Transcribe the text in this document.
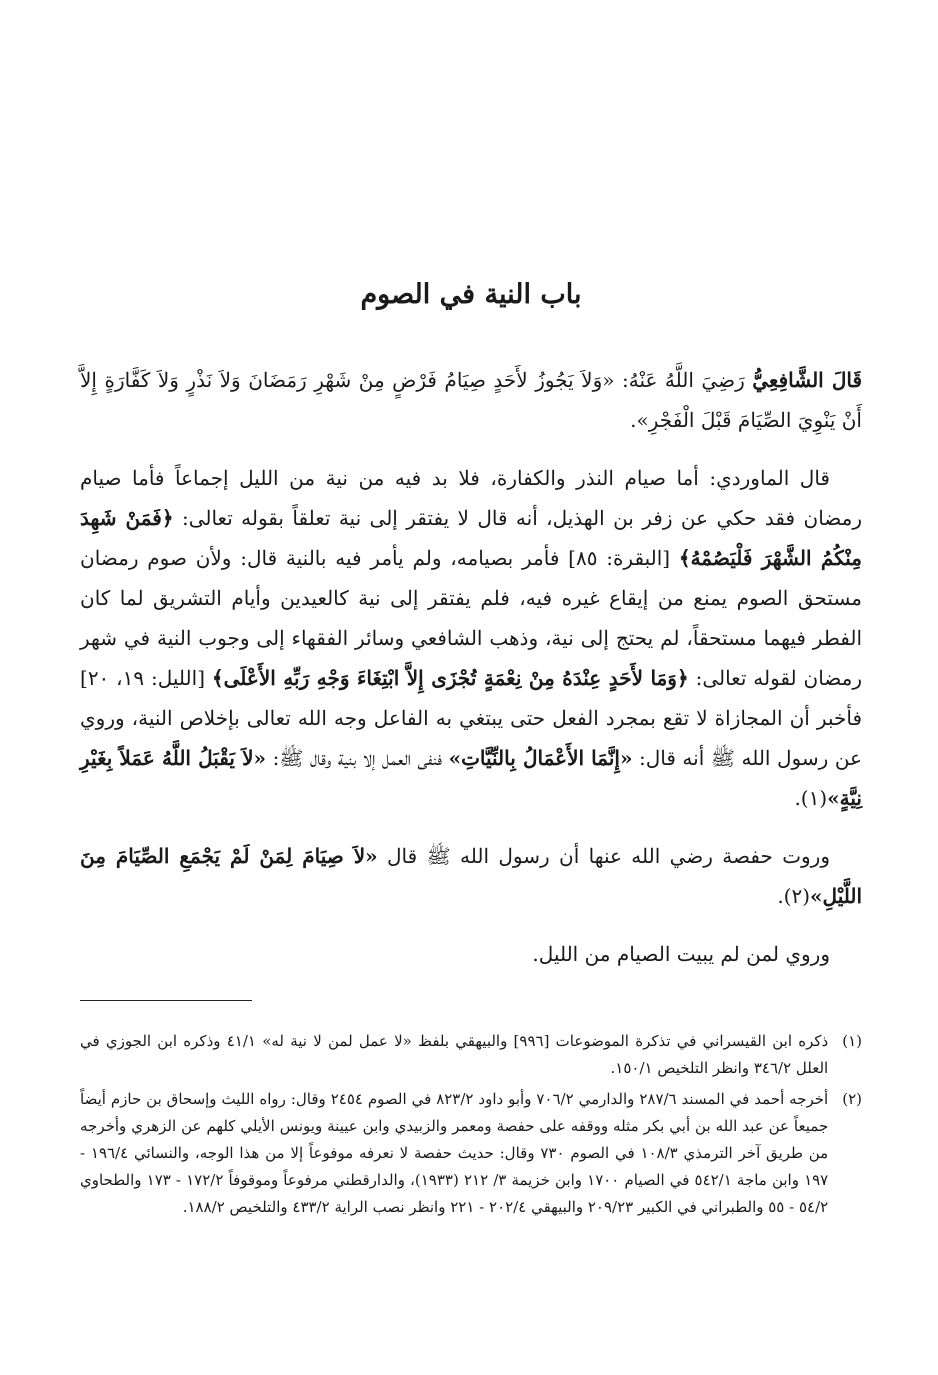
باب النية في الصوم

قَالَ الشَّافِعِيُّ رَضِيَ اللَّهُ عَنْهُ: «وَلاَ يَجُوزُ لأَحَدٍ صِيَامُ فَرْضٍ مِنْ شَهْرِ رَمَضَانَ وَلاَ نَذْرٍ وَلاَ كَفَّارَةٍ إِلاَّ أَنْ يَنْوِيَ الصِّيَامَ قَبْلَ الْفَجْرِ».

قال الماوردي: أما صيام النذر والكفارة، فلا بد فيه من نية من الليل إجماعاً فأما صيام رمضان فقد حكي عن زفر بن الهذيل، أنه قال لا يفتقر إلى نية تعلقاً بقوله تعالى: ﴿فَمَنْ شَهِدَ مِنْكُمُ الشَّهْرَ فَلْيَصُمْهُ﴾ [البقرة: ٨٥] فأمر بصيامه، ولم يأمر فيه بالنية قال: ولأن صوم رمضان مستحق الصوم يمنع من إيقاع غيره فيه، فلم يفتقر إلى نية كالعيدين وأيام التشريق لما كان الفطر فيهما مستحقاً، لم يحتج إلى نية، وذهب الشافعي وسائر الفقهاء إلى وجوب النية في شهر رمضان لقوله تعالى: ﴿وَمَا لأَحَدٍ عِنْدَهُ مِنْ نِعْمَةٍ تُجْزَى إِلاَّ ابْتِغَاءَ وَجْهِ رَبِّهِ الأَعْلَى﴾ [الليل: ١٩، ٢٠] فأخبر أن المجازاة لا تقع بمجرد الفعل حتى يبتغي به الفاعل وجه الله تعالى بإخلاص النية، وروي عن رسول الله ﷺ أنه قال: «إِنَّمَا الأَعْمَالُ بِالنِّيَّاتِ» فنفى العمل إلا بنية وقال ﷺ: «لاَ يَقْبَلُ اللَّهُ عَمَلاً بِغَيْرِ نِيَّةٍ»(١).

وروت حفصة رضي الله عنها أن رسول الله ﷺ قال «لاَ صِيَامَ لِمَنْ لَمْ يَجْمَعِ الصِّيَامَ مِنَ اللَّيْلِ»(٢).

وروي لمن لم يبيت الصيام من الليل.

(١)
ذكره ابن القيسراني في تذكرة الموضوعات [٩٩٦] والبيهقي بلفظ «لا عمل لمن لا نية له» ٤١/١ وذكره ابن الجوزي في العلل ٣٤٦/٢ وانظر التلخيص ١٥٠/١.
(٢)
أخرجه أحمد في المسند ٢٨٧/٦ والدارمي ٧٠٦/٢ وأبو داود ٨٢٣/٢ في الصوم ٢٤٥٤ وقال: رواه الليث وإسحاق بن حازم أيضاً جميعاً عن عبد الله بن أبي بكر مثله ووقفه على حفصة ومعمر والزبيدي وابن عيينة ويونس الأيلي كلهم عن الزهري وأخرجه من طريق آخر الترمذي ١٠٨/٣ في الصوم ٧٣٠ وقال: حديث حفصة لا نعرفه موفوعاً إلا من هذا الوجه، والنسائي ١٩٦/٤ - ١٩٧ وابن ماجة ٥٤٢/١ في الصيام ١٧٠٠ وابن خزيمة ٣/ ٢١٢ (١٩٣٣)، والدارقطني مرفوعاً وموقوفاً ١٧٢/٢ - ١٧٣ والطحاوي ٥٤/٢ - ٥٥ والطبراني في الكبير ٢٠٩/٢٣ والبيهقي ٢٠٢/٤ - ٢٢١ وانظر نصب الراية ٤٣٣/٢ والتلخيص ١٨٨/٢.
